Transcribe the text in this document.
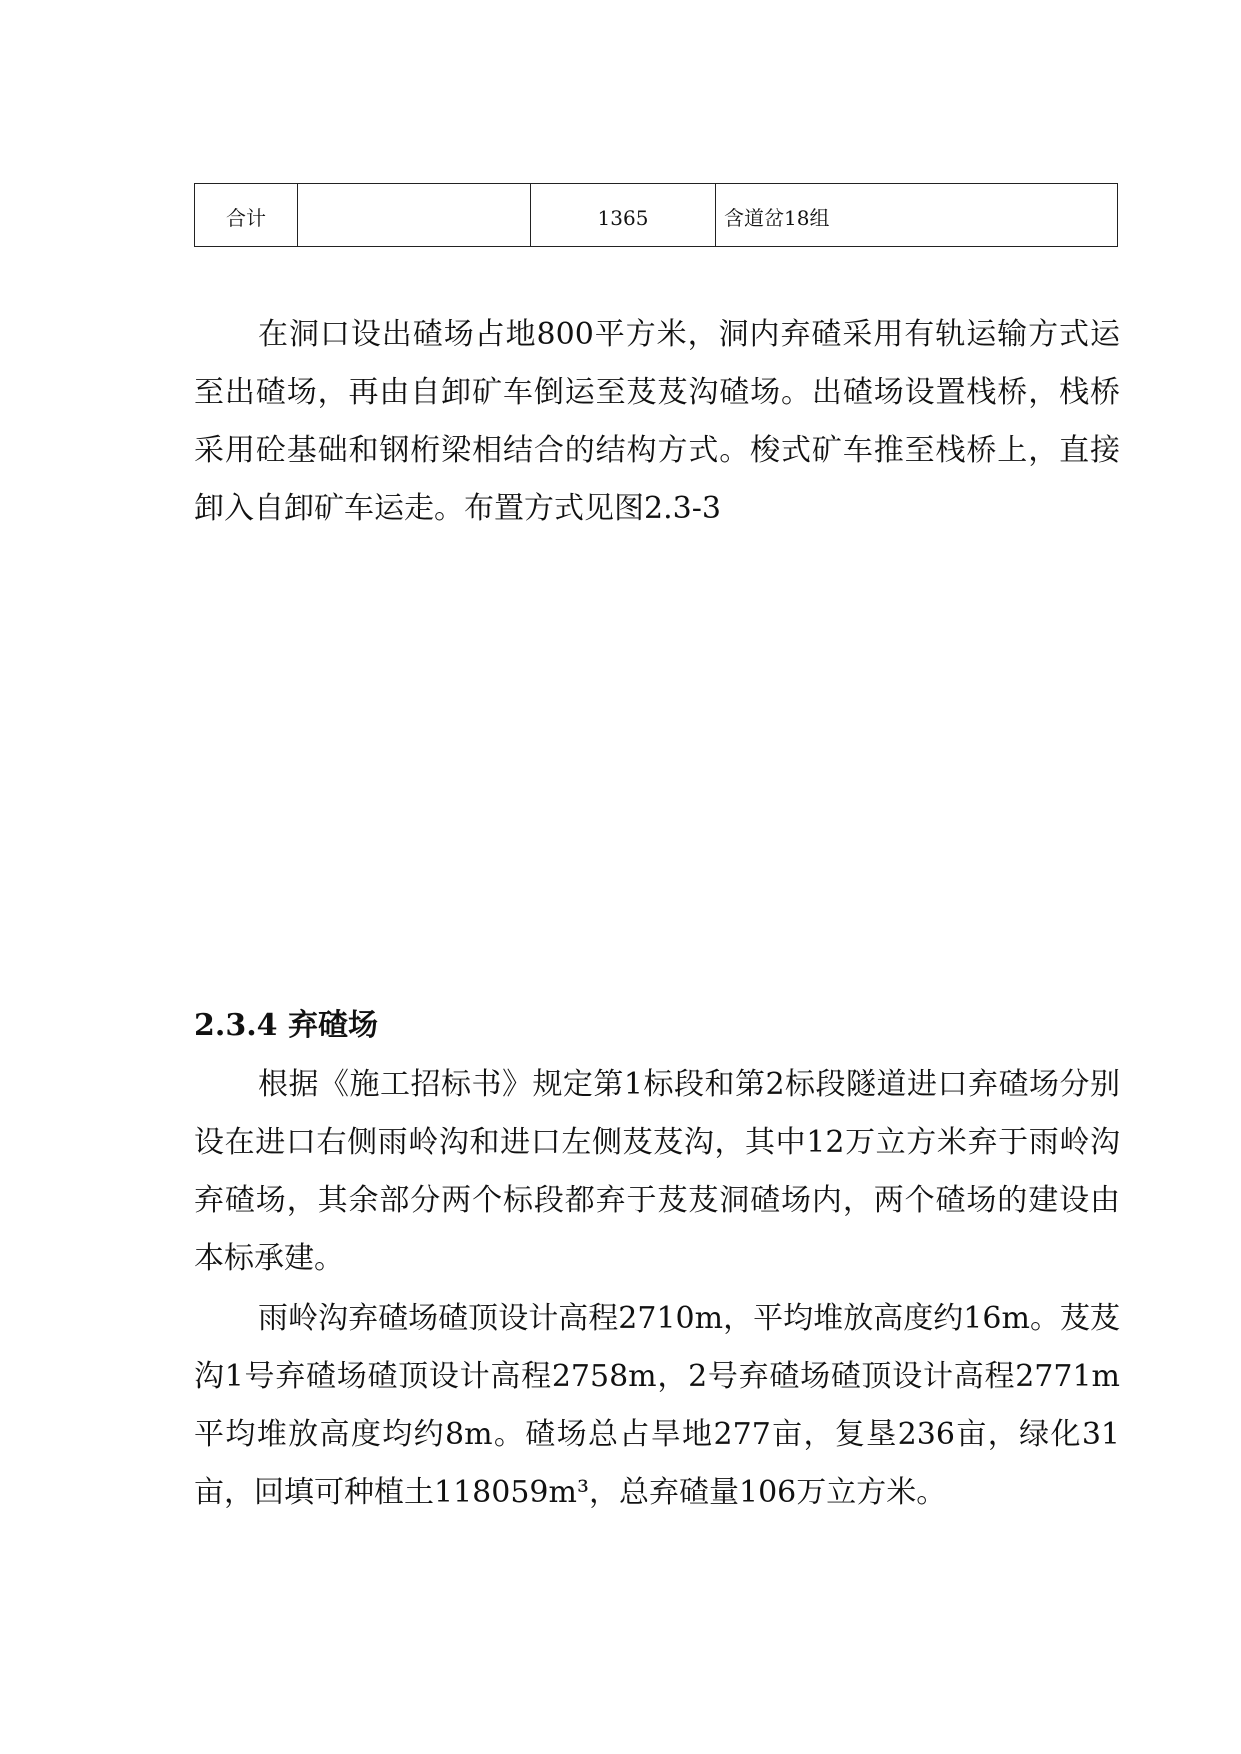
合计		1365	含道岔18组

在洞口设出碴场占地800平方米，洞内弃碴采用有轨运输方式运至出碴场，再由自卸矿车倒运至芨芨沟碴场。出碴场设置栈桥，栈桥采用砼基础和钢桁梁相结合的结构方式。梭式矿车推至栈桥上，直接卸入自卸矿车运走。布置方式见图2.3-3

2.3.4 弃碴场

根据《施工招标书》规定第1标段和第2标段隧道进口弃碴场分别设在进口右侧雨岭沟和进口左侧芨芨沟，其中12万立方米弃于雨岭沟弃碴场，其余部分两个标段都弃于芨芨洞碴场内，两个碴场的建设由本标承建。

雨岭沟弃碴场碴顶设计高程2710m，平均堆放高度约16m。芨芨沟1号弃碴场碴顶设计高程2758m，2号弃碴场碴顶设计高程2771m平均堆放高度均约8m。碴场总占旱地277亩，复垦236亩，绿化31亩，回填可种植土118059m³，总弃碴量106万立方米。
